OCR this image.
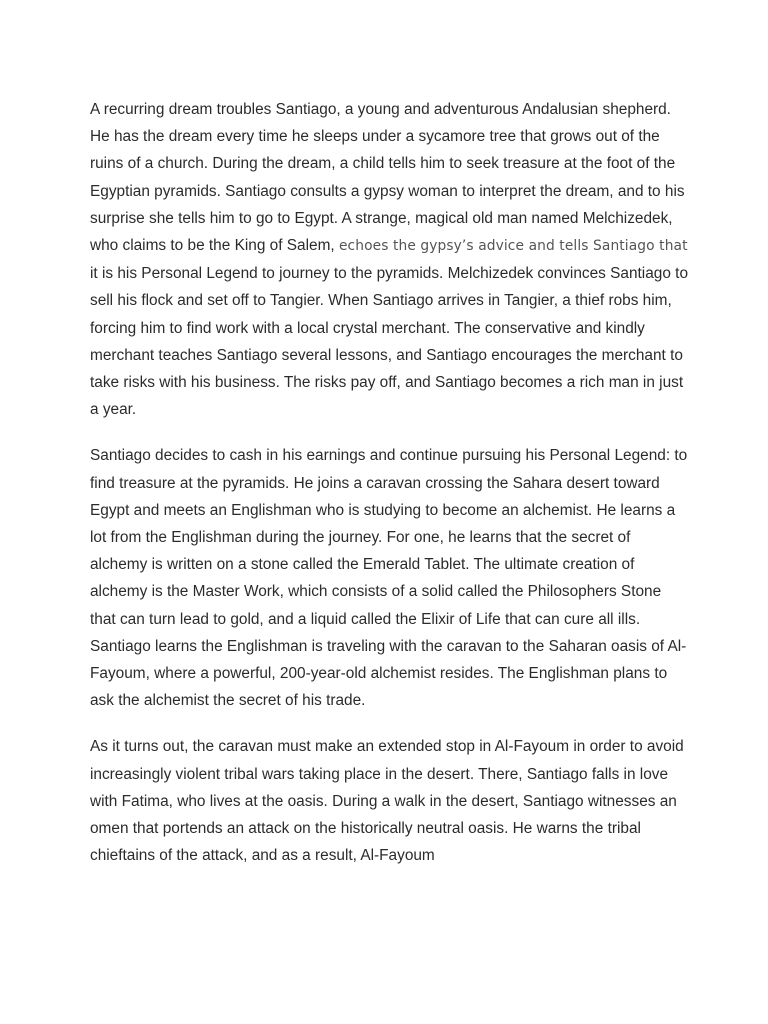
A recurring dream troubles Santiago, a young and adventurous Andalusian shepherd. He has the dream every time he sleeps under a sycamore tree that grows out of the ruins of a church. During the dream, a child tells him to seek treasure at the foot of the Egyptian pyramids. Santiago consults a gypsy woman to interpret the dream, and to his surprise she tells him to go to Egypt. A strange, magical old man named Melchizedek, who claims to be the King of Salem, echoes the gypsy’s advice and tells Santiago that it is his Personal Legend to journey to the pyramids. Melchizedek convinces Santiago to sell his flock and set off to Tangier. When Santiago arrives in Tangier, a thief robs him, forcing him to find work with a local crystal merchant. The conservative and kindly merchant teaches Santiago several lessons, and Santiago encourages the merchant to take risks with his business. The risks pay off, and Santiago becomes a rich man in just a year.

Santiago decides to cash in his earnings and continue pursuing his Personal Legend: to find treasure at the pyramids. He joins a caravan crossing the Sahara desert toward Egypt and meets an Englishman who is studying to become an alchemist. He learns a lot from the Englishman during the journey. For one, he learns that the secret of alchemy is written on a stone called the Emerald Tablet. The ultimate creation of alchemy is the Master Work, which consists of a solid called the Philosophers Stone that can turn lead to gold, and a liquid called the Elixir of Life that can cure all ills. Santiago learns the Englishman is traveling with the caravan to the Saharan oasis of Al-Fayoum, where a powerful, 200-year-old alchemist resides. The Englishman plans to ask the alchemist the secret of his trade.

As it turns out, the caravan must make an extended stop in Al-Fayoum in order to avoid increasingly violent tribal wars taking place in the desert. There, Santiago falls in love with Fatima, who lives at the oasis. During a walk in the desert, Santiago witnesses an omen that portends an attack on the historically neutral oasis. He warns the tribal chieftains of the attack, and as a result, Al-Fayoum
